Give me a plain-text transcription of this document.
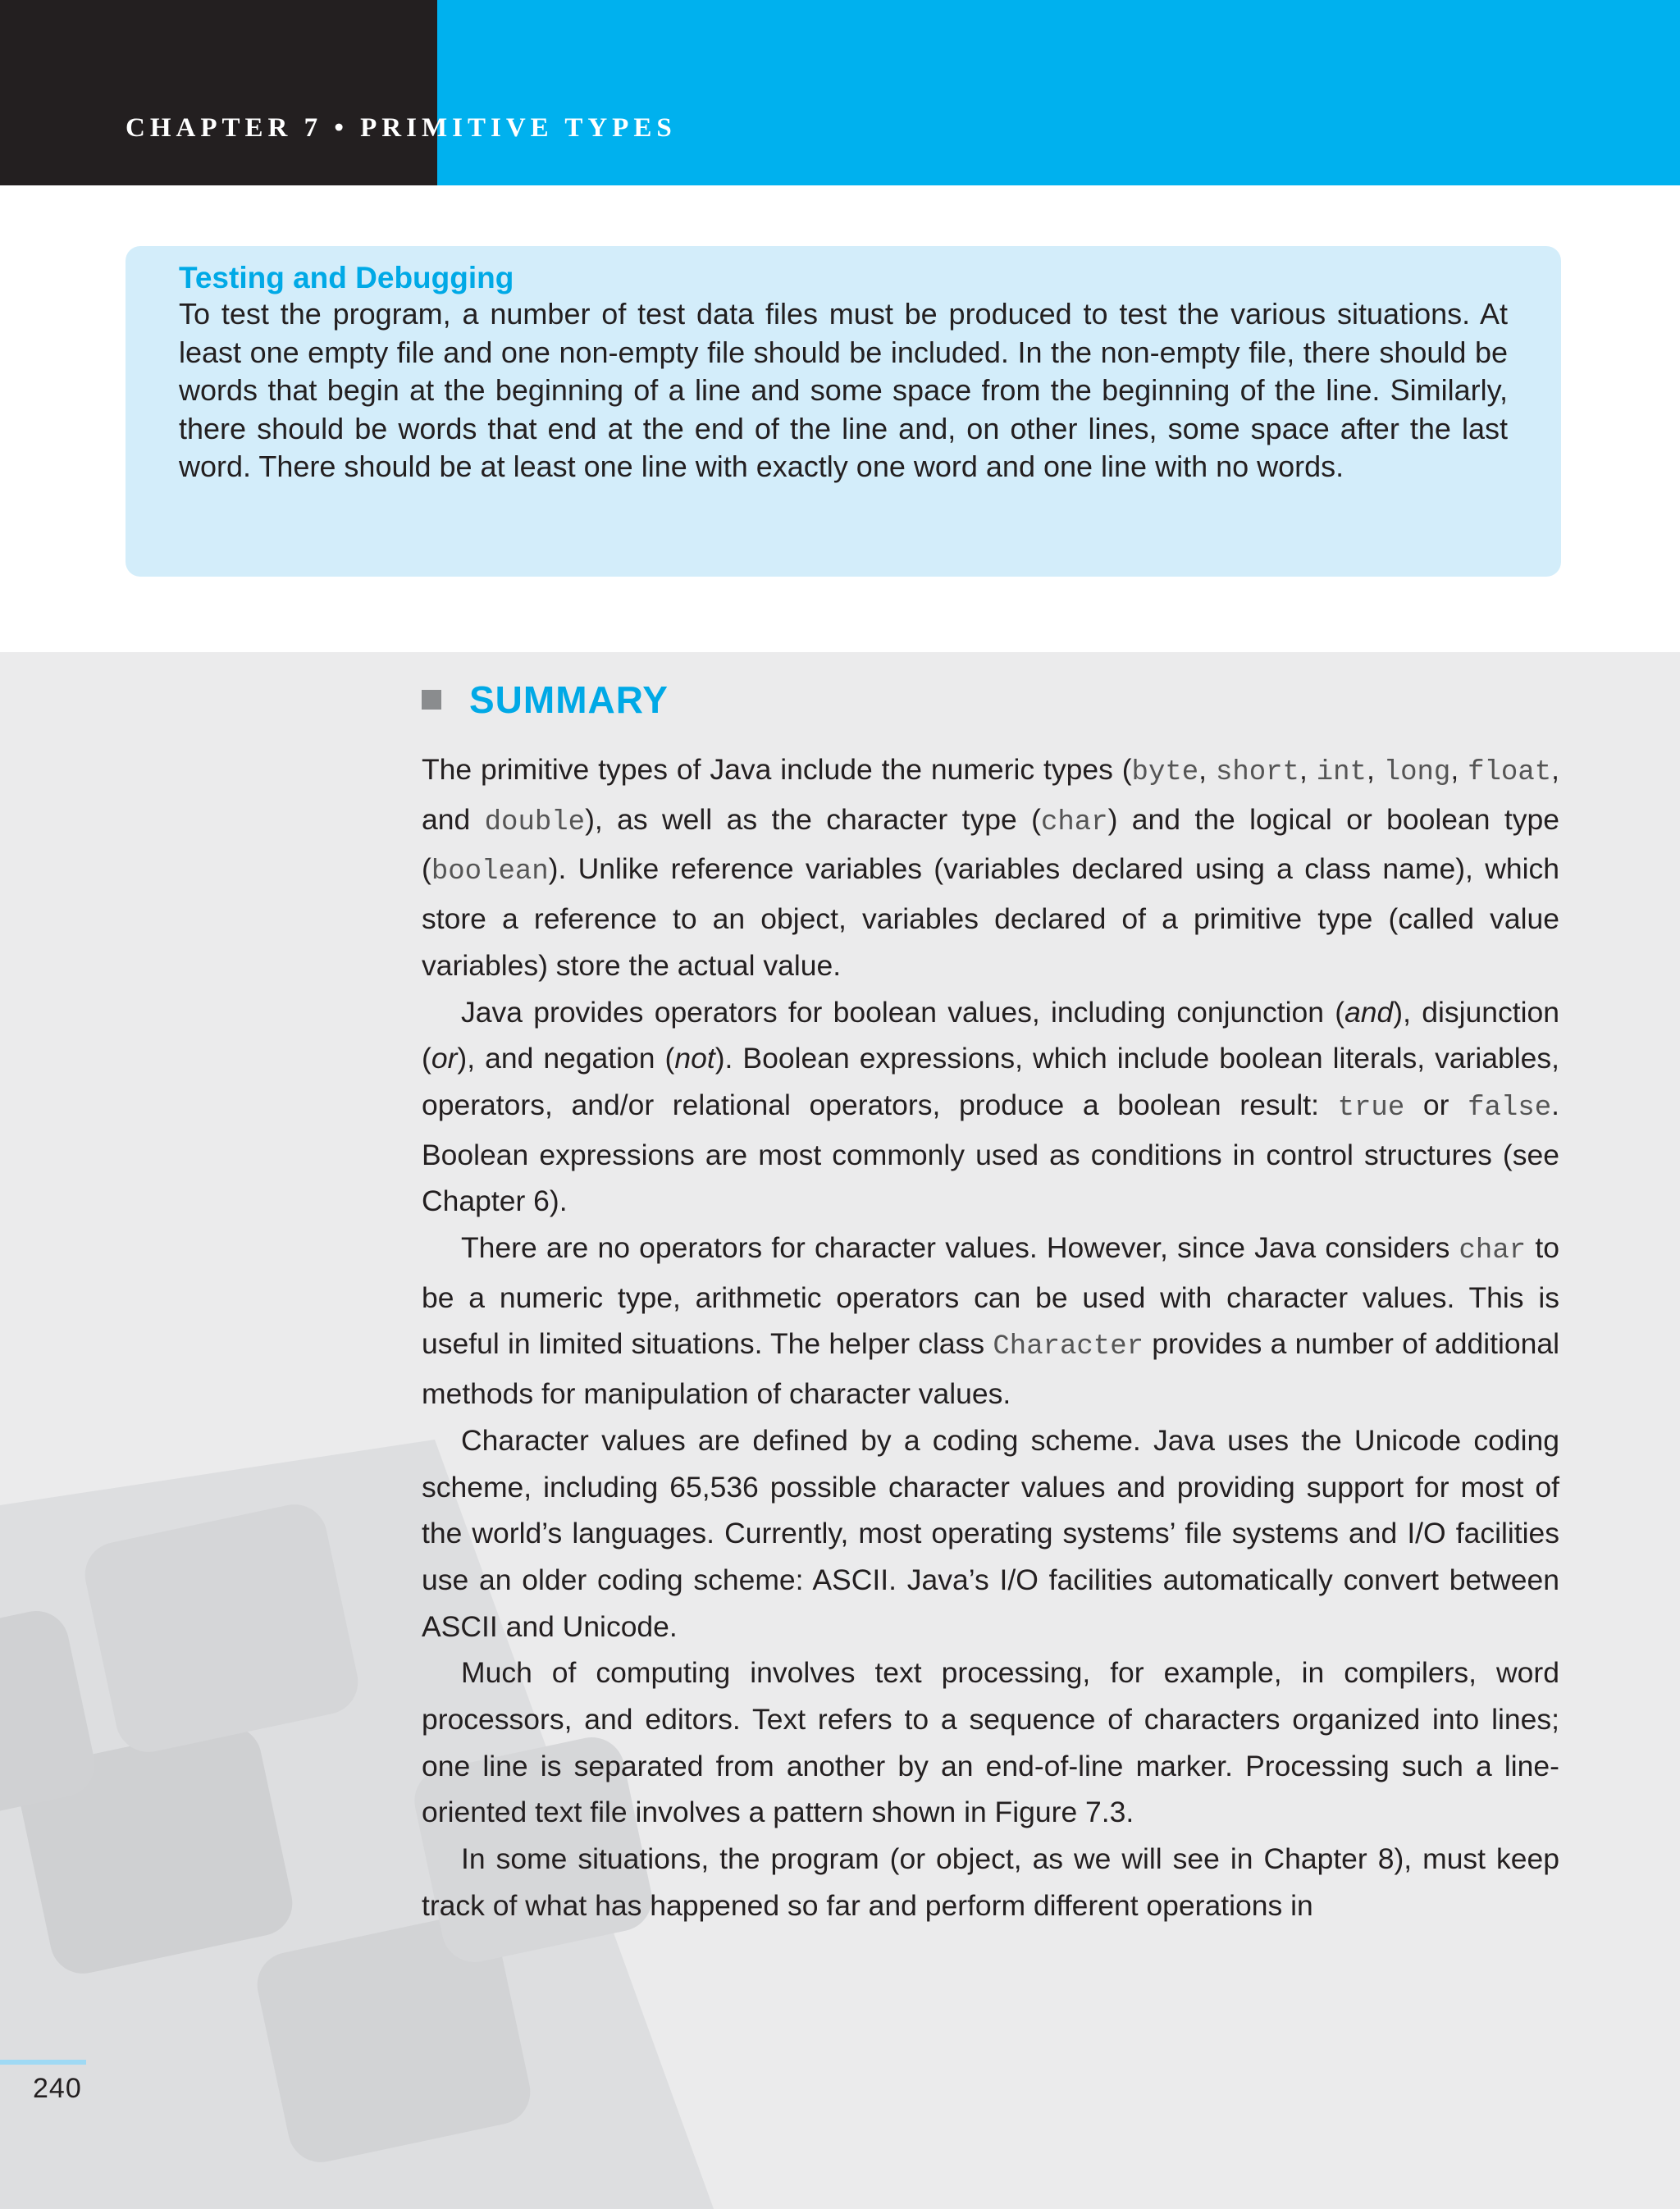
CHAPTER 7 • PRIMITIVE TYPES
Testing and Debugging

To test the program, a number of test data files must be produced to test the various situations. At least one empty file and one non-empty file should be included. In the non-empty file, there should be words that begin at the beginning of a line and some space from the beginning of the line. Similarly, there should be words that end at the end of the line and, on other lines, some space after the last word. There should be at least one line with exactly one word and one line with no words.

SUMMARY

The primitive types of Java include the numeric types (byte, short, int, long, float, and double), as well as the character type (char) and the logical or boolean type (boolean). Unlike reference variables (variables declared using a class name), which store a reference to an object, variables declared of a primitive type (called value variables) store the actual value.

Java provides operators for boolean values, including conjunction (and), disjunction (or), and negation (not). Boolean expressions, which include boolean literals, variables, operators, and/or relational operators, produce a boolean result: true or false. Boolean expressions are most commonly used as conditions in control structures (see Chapter 6).

There are no operators for character values. However, since Java considers char to be a numeric type, arithmetic operators can be used with character values. This is useful in limited situations. The helper class Character provides a number of additional methods for manipulation of character values.

Character values are defined by a coding scheme. Java uses the Unicode coding scheme, including 65,536 possible character values and providing support for most of the world’s languages. Currently, most operating systems’ file systems and I/O facilities use an older coding scheme: ASCII. Java’s I/O facilities automatically convert between ASCII and Unicode.

Much of computing involves text processing, for example, in compilers, word processors, and editors. Text refers to a sequence of characters organized into lines; one line is separated from another by an end-of-line marker. Processing such a line-oriented text file involves a pattern shown in Figure 7.3.

In some situations, the program (or object, as we will see in Chapter 8), must keep track of what has happened so far and perform different operations in

240
